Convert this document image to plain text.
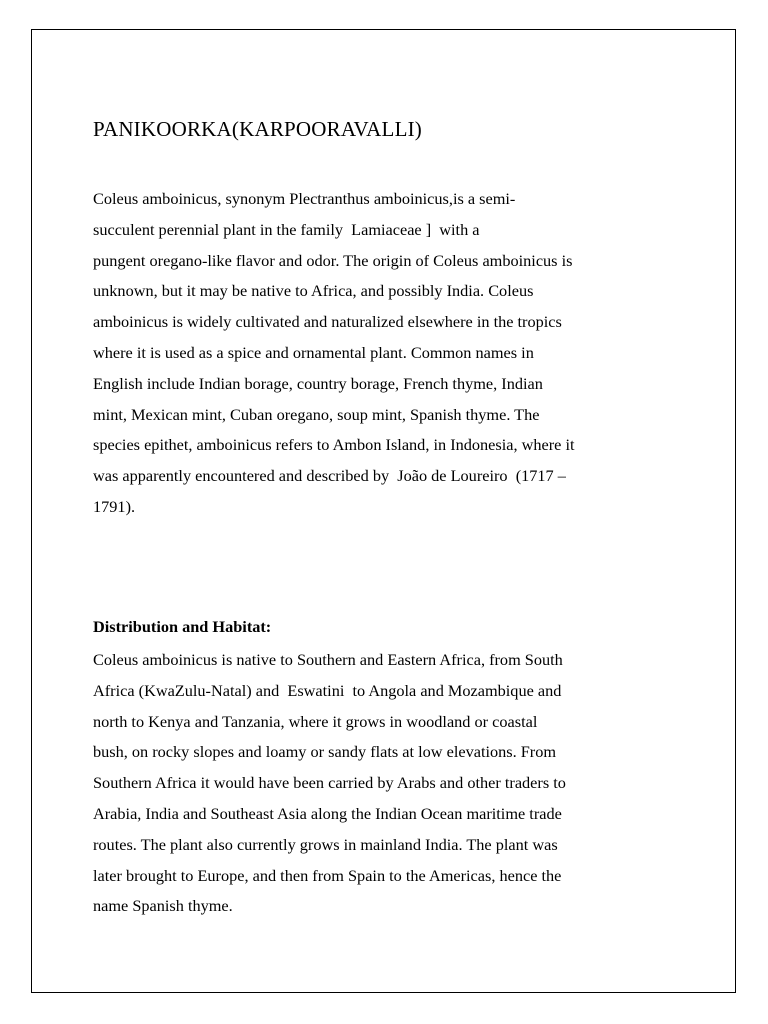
PANIKOORKA(KARPOORAVALLI)
Coleus amboinicus, synonym Plectranthus amboinicus,is a semi-
succulent perennial plant in the family  Lamiaceae ]  with a
pungent oregano-like flavor and odor. The origin of Coleus amboinicus is
unknown, but it may be native to Africa, and possibly India. Coleus
amboinicus is widely cultivated and naturalized elsewhere in the tropics
where it is used as a spice and ornamental plant. Common names in
English include Indian borage, country borage, French thyme, Indian
mint, Mexican mint, Cuban oregano, soup mint, Spanish thyme. The
species epithet, amboinicus refers to Ambon Island, in Indonesia, where it
was apparently encountered and described by  João de Loureiro  (1717 –
1791).
Distribution and Habitat:
Coleus amboinicus is native to Southern and Eastern Africa, from South
Africa (KwaZulu-Natal) and  Eswatini  to Angola and Mozambique and
north to Kenya and Tanzania, where it grows in woodland or coastal
bush, on rocky slopes and loamy or sandy flats at low elevations. From
Southern Africa it would have been carried by Arabs and other traders to
Arabia, India and Southeast Asia along the Indian Ocean maritime trade
routes. The plant also currently grows in mainland India. The plant was
later brought to Europe, and then from Spain to the Americas, hence the
name Spanish thyme.
